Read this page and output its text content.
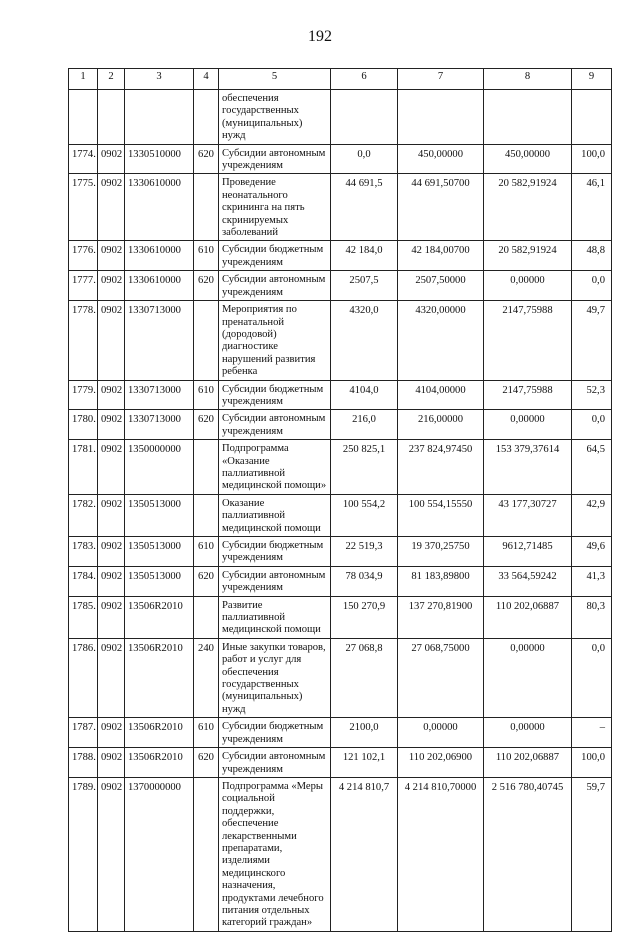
192
1	2	3	4	5	6	7	8	9
				обеспечения государственных (муниципальных) нужд				
1774.	0902	1330510000	620	Субсидии автономным учреждениям	0,0	450,00000	450,00000	100,0
1775.	0902	1330610000		Проведение неонатального скрининга на пять скринируемых заболеваний	44 691,5	44 691,50700	20 582,91924	46,1
1776.	0902	1330610000	610	Субсидии бюджетным учреждениям	42 184,0	42 184,00700	20 582,91924	48,8
1777.	0902	1330610000	620	Субсидии автономным учреждениям	2507,5	2507,50000	0,00000	0,0
1778.	0902	1330713000		Мероприятия по пренатальной (дородовой) диагностике нарушений развития ребенка	4320,0	4320,00000	2147,75988	49,7
1779.	0902	1330713000	610	Субсидии бюджетным учреждениям	4104,0	4104,00000	2147,75988	52,3
1780.	0902	1330713000	620	Субсидии автономным учреждениям	216,0	216,00000	0,00000	0,0
1781.	0902	1350000000		Подпрограмма «Оказание паллиативной медицинской помощи»	250 825,1	237 824,97450	153 379,37614	64,5
1782.	0902	1350513000		Оказание паллиативной медицинской помощи	100 554,2	100 554,15550	43 177,30727	42,9
1783.	0902	1350513000	610	Субсидии бюджетным учреждениям	22 519,3	19 370,25750	9612,71485	49,6
1784.	0902	1350513000	620	Субсидии автономным учреждениям	78 034,9	81 183,89800	33 564,59242	41,3
1785.	0902	13506R2010		Развитие паллиативной медицинской помощи	150 270,9	137 270,81900	110 202,06887	80,3
1786.	0902	13506R2010	240	Иные закупки товаров, работ и услуг для обеспечения государственных (муниципальных) нужд	27 068,8	27 068,75000	0,00000	0,0
1787.	0902	13506R2010	610	Субсидии бюджетным учреждениям	2100,0	0,00000	0,00000	–
1788.	0902	13506R2010	620	Субсидии автономным учреждениям	121 102,1	110 202,06900	110 202,06887	100,0
1789.	0902	1370000000		Подпрограмма «Меры социальной поддержки, обеспечение лекарственными препаратами, изделиями медицинского назначения, продуктами лечебного питания отдельных категорий граждан»	4 214 810,7	4 214 810,70000	2 516 780,40745	59,7
